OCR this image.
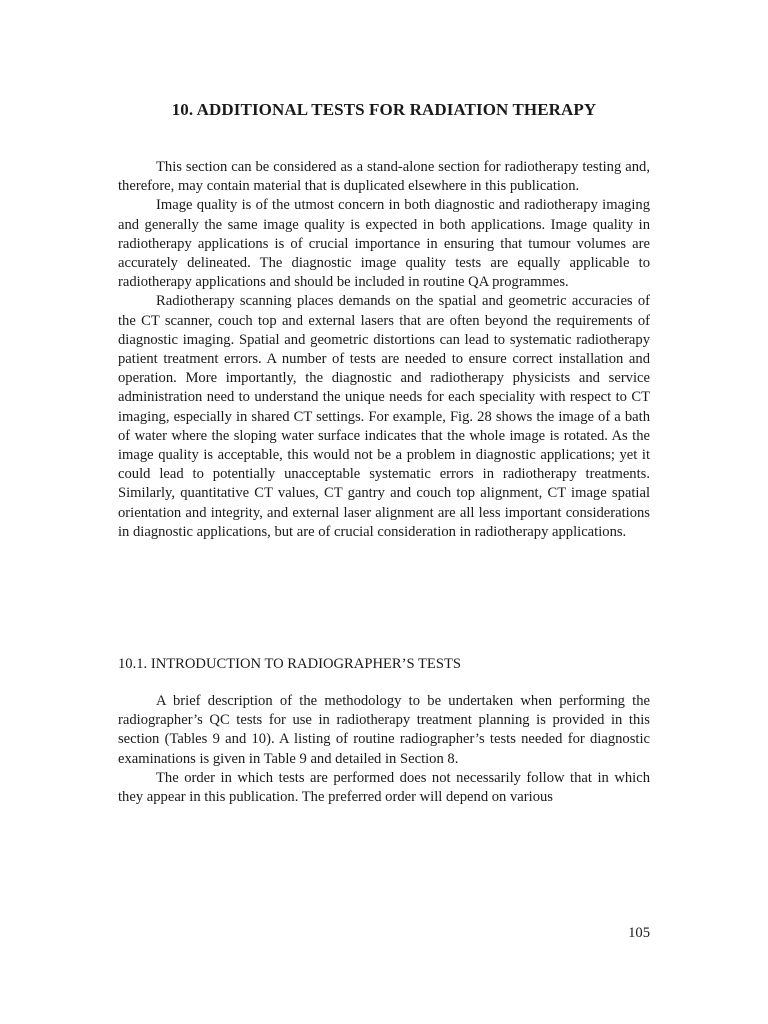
10. ADDITIONAL TESTS FOR RADIATION THERAPY

This section can be considered as a stand-alone section for radiotherapy testing and, therefore, may contain material that is duplicated elsewhere in this publication.

Image quality is of the utmost concern in both diagnostic and radiotherapy imaging and generally the same image quality is expected in both applications. Image quality in radiotherapy applications is of crucial importance in ensuring that tumour volumes are accurately delineated. The diagnostic image quality tests are equally applicable to radiotherapy applications and should be included in routine QA programmes.

Radiotherapy scanning places demands on the spatial and geometric accuracies of the CT scanner, couch top and external lasers that are often beyond the requirements of diagnostic imaging. Spatial and geometric distortions can lead to systematic radiotherapy patient treatment errors. A number of tests are needed to ensure correct installation and operation. More importantly, the diagnostic and radiotherapy physicists and service administration need to understand the unique needs for each speciality with respect to CT imaging, especially in shared CT settings. For example, Fig. 28 shows the image of a bath of water where the sloping water surface indicates that the whole image is rotated. As the image quality is acceptable, this would not be a problem in diagnostic applications; yet it could lead to potentially unacceptable systematic errors in radiotherapy treatments. Similarly, quantitative CT values, CT gantry and couch top alignment, CT image spatial orientation and integrity, and external laser alignment are all less important considerations in diagnostic applications, but are of crucial consideration in radiotherapy applications.

10.1. INTRODUCTION TO RADIOGRAPHER’S TESTS

A brief description of the methodology to be undertaken when performing the radiographer’s QC tests for use in radiotherapy treatment planning is provided in this section (Tables 9 and 10). A listing of routine radiographer’s tests needed for diagnostic examinations is given in Table 9 and detailed in Section 8.

The order in which tests are performed does not necessarily follow that in which they appear in this publication. The preferred order will depend on various

105
